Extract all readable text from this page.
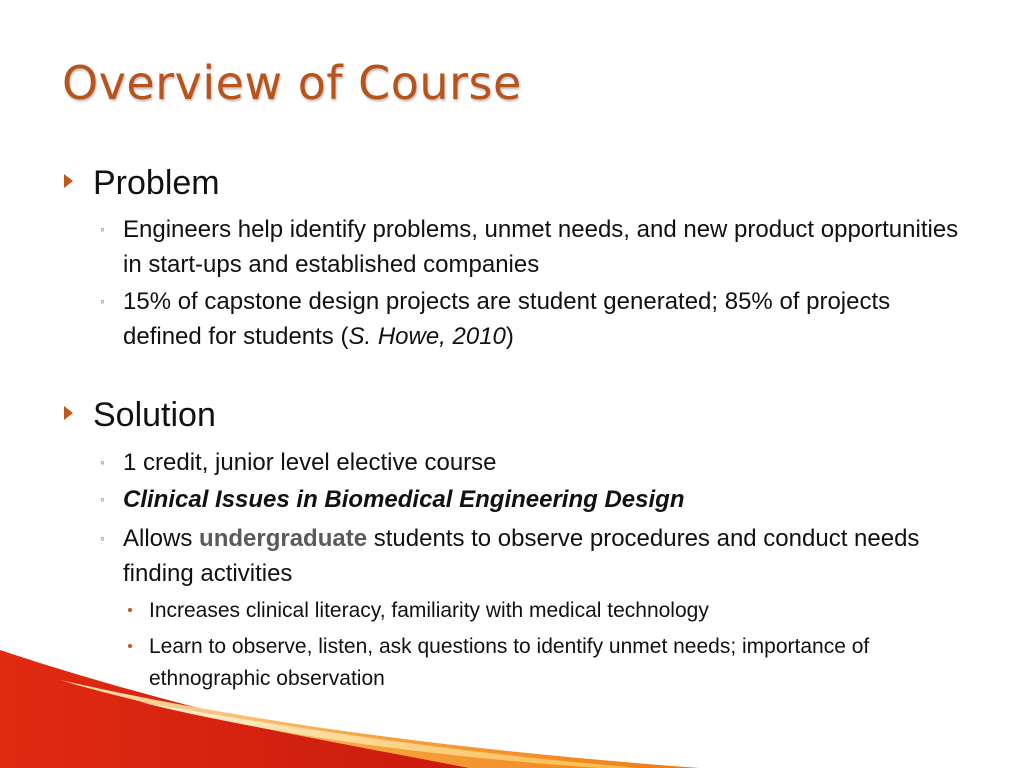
Overview of Course
Problem
◦ Engineers help identify problems, unmet needs, and new product opportunities in start-ups and established companies
◦ 15% of capstone design projects are student generated; 85% of projects defined for students (S. Howe, 2010)
Solution
◦ 1 credit, junior level elective course
◦ Clinical Issues in Biomedical Engineering Design
◦ Allows undergraduate students to observe procedures and conduct needs finding activities
Increases clinical literacy, familiarity with medical technology
Learn to observe, listen, ask questions to identify unmet needs; importance of ethnographic observation
